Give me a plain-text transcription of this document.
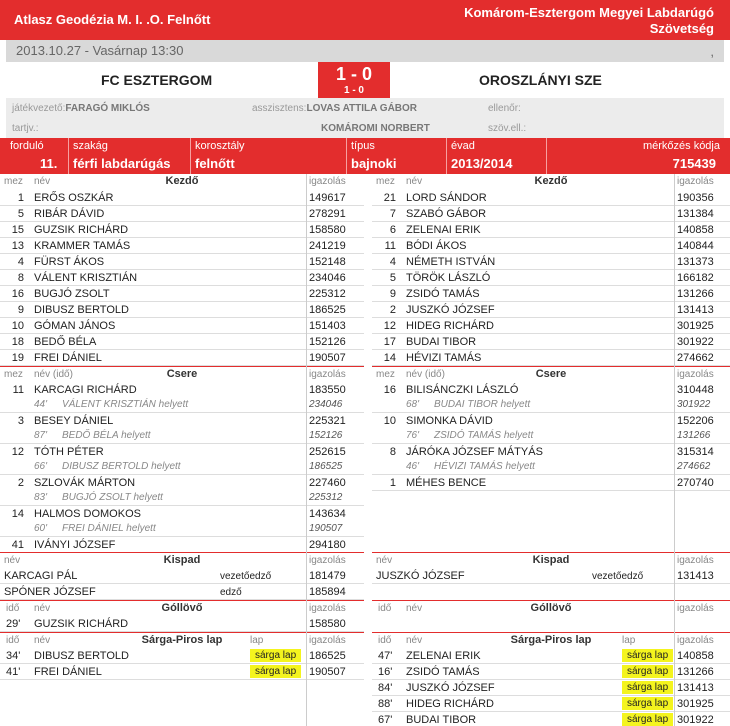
Atlasz Geodézia M. I. .O. Felnőtt	Komárom-Esztergom Megyei Labdarúgó
Szövetség
2013.10.27 - Vasárnap 13:30	,
FC ESZTERGOM	1 - 0
1 - 0
OROSZLÁNYI SZE
játékvezető:FARAGÓ MIKLÓS	asszisztens:LOVAS ATTILA GÁBOR	ellenőr:
tartjv.:	KOMÁROMI NORBERT	szöv.ell.:
forduló
11.
szakág
férfi labdarúgás
korosztály
felnőtt
típus
bajnoki
évad
2013/2014
mérkőzés kódja
715439
mez név	igazolás
Kezdő
1 ERŐS OSZKÁR	149617
5 RIBÁR DÁVID	278291
15 GUZSIK RICHÁRD	158580
13 KRAMMER TAMÁS	241219
4 FÜRST ÁKOS	152148
8 VÁLENT KRISZTIÁN	234046
16 BUGJÓ ZSOLT	225312
9 DIBUSZ BERTOLD	186525
10 GÓMAN JÁNOS	151403
18 BEDŐ BÉLA	152126
19 FREI DÁNIEL	190507
mez név (idő)	igazolás
Csere
11 KARCAGI RICHÁRD	183550
44' VÁLENT KRISZTIÁN helyett	234046
3 BESEY DÁNIEL	225321
87' BEDŐ BÉLA helyett	152126
12 TÓTH PÉTER	252615
66' DIBUSZ BERTOLD helyett	186525
2 SZLOVÁK MÁRTON	227460
83' BUGJÓ ZSOLT helyett	225312
14 HALMOS DOMOKOS	143634
60' FREI DÁNIEL helyett	190507
41 IVÁNYI JÓZSEF	294180
név	igazolás
Kispad
KARCAGI PÁL	vezetőedző	181479
SPÓNER JÓZSEF	edző	185894
idő név	igazolás
Góllövő
29' GUZSIK RICHÁRD	158580
idő név	lap	igazolás
Sárga-Piros lap
34' DIBUSZ BERTOLD	sárga lap	186525
41' FREI DÁNIEL	sárga lap	190507
mez név	igazolás
Kezdő
21 LORD SÁNDOR	190356
7 SZABÓ GÁBOR	131384
6 ZELENAI ERIK	140858
11 BÓDI ÁKOS	140844
4 NÉMETH ISTVÁN	131373
5 TÖRÖK LÁSZLÓ	166182
9 ZSIDÓ TAMÁS	131266
2 JUSZKÓ JÓZSEF	131413
12 HIDEG RICHÁRD	301925
17 BUDAI TIBOR	301922
14 HÉVIZI TAMÁS	274662
mez név (idő)	igazolás
Csere
16 BILISÁNCZKI LÁSZLÓ	310448
68' BUDAI TIBOR helyett	301922
10 SIMONKA DÁVID	152206
76' ZSIDÓ TAMÁS helyett	131266
8 JÁRÓKA JÓZSEF MÁTYÁS	315314
46' HÉVIZI TAMÁS helyett	274662
1 MÉHES BENCE	270740
név	igazolás
Kispad
JUSZKÓ JÓZSEF	vezetőedző	131413
idő név	igazolás
Góllövő
idő név	lap	igazolás
Sárga-Piros lap
47' ZELENAI ERIK	sárga lap 140858
16' ZSIDÓ TAMÁS	sárga lap 131266
84' JUSZKÓ JÓZSEF	sárga lap 131413
88' HIDEG RICHÁRD	sárga lap 301925
67' BUDAI TIBOR	sárga lap 301922
